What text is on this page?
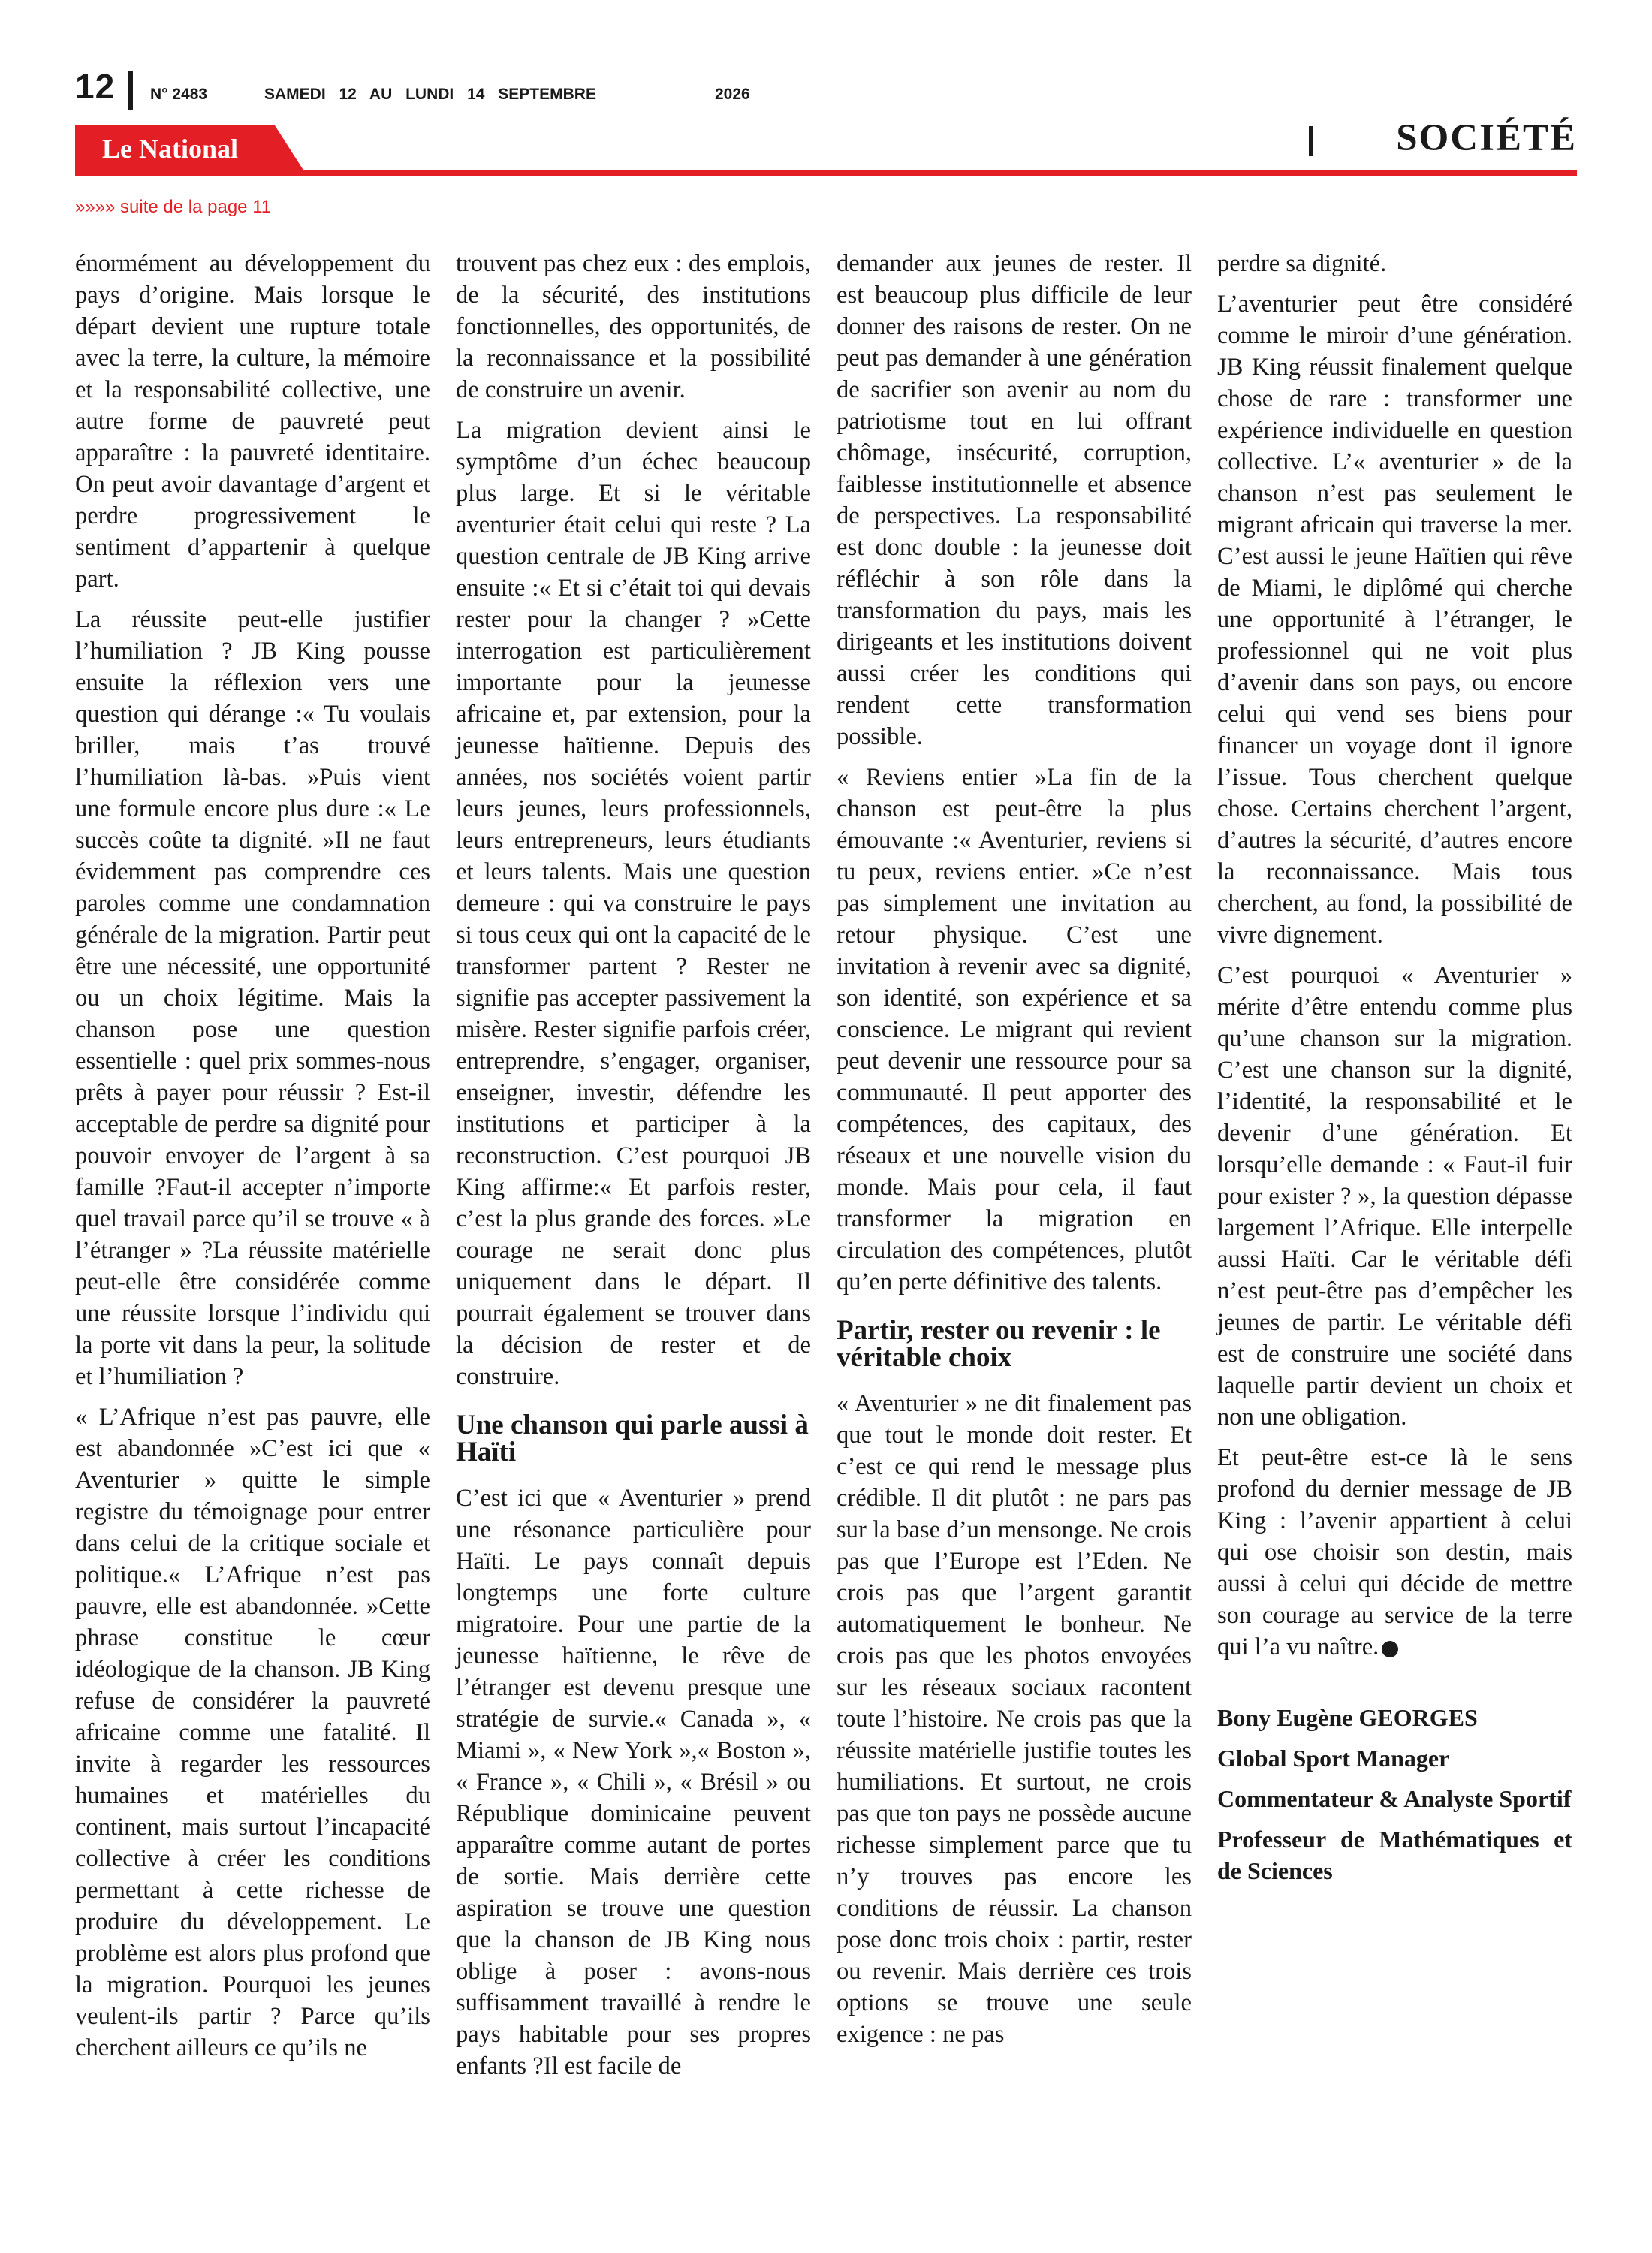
12 N° 2483	SAMEDI 12 AU LUNDI 14 SEPTEMBRE	2026
Le National	SOCIÉTÉ
»»»» suite de la page 11

énormément au développement du pays d’origine. Mais lorsque le départ devient une rupture totale avec la terre, la culture, la mémoire et la responsabilité collective, une autre forme de pauvreté peut apparaître : la pauvreté identitaire. On peut avoir davantage d’argent et perdre progressivement le sentiment d’appartenir à quelque part.

La réussite peut-elle justifier l’humiliation ? JB King pousse ensuite la réflexion vers une question qui dérange :« Tu voulais briller, mais t’as trouvé l’humiliation là-bas. »Puis vient une formule encore plus dure :« Le succès coûte ta dignité. »Il ne faut évidemment pas comprendre ces paroles comme une condamnation générale de la migration. Partir peut être une nécessité, une opportunité ou un choix légitime. Mais la chanson pose une question essentielle : quel prix sommes-nous prêts à payer pour réussir ? Est-il acceptable de perdre sa dignité pour pouvoir envoyer de l’argent à sa famille ?Faut-il accepter n’importe quel travail parce qu’il se trouve « à l’étranger » ?La réussite matérielle peut-elle être considérée comme une réussite lorsque l’individu qui la porte vit dans la peur, la solitude et l’humiliation ?

« L’Afrique n’est pas pauvre, elle est abandonnée »C’est ici que « Aventurier » quitte le simple registre du témoignage pour entrer dans celui de la critique sociale et politique.« L’Afrique n’est pas pauvre, elle est abandonnée. »Cette phrase constitue le cœur idéologique de la chanson. JB King refuse de considérer la pauvreté africaine comme une fatalité. Il invite à regarder les ressources humaines et matérielles du continent, mais surtout l’incapacité collective à créer les conditions permettant à cette richesse de produire du développement. Le problème est alors plus profond que la migration. Pourquoi les jeunes veulent-ils partir ? Parce qu’ils cherchent ailleurs ce qu’ils ne

trouvent pas chez eux : des emplois, de la sécurité, des institutions fonctionnelles, des opportunités, de la reconnaissance et la possibilité de construire un avenir.

La migration devient ainsi le symptôme d’un échec beaucoup plus large. Et si le véritable aventurier était celui qui reste ? La question centrale de JB King arrive ensuite :« Et si c’était toi qui devais rester pour la changer ? »Cette interrogation est particulièrement importante pour la jeunesse africaine et, par extension, pour la jeunesse haïtienne. Depuis des années, nos sociétés voient partir leurs jeunes, leurs professionnels, leurs entrepreneurs, leurs étudiants et leurs talents. Mais une question demeure : qui va construire le pays si tous ceux qui ont la capacité de le transformer partent ? Rester ne signifie pas accepter passivement la misère. Rester signifie parfois créer, entreprendre, s’engager, organiser, enseigner, investir, défendre les institutions et participer à la reconstruction. C’est pourquoi JB King affirme:« Et parfois rester, c’est la plus grande des forces. »Le courage ne serait donc plus uniquement dans le départ. Il pourrait également se trouver dans la décision de rester et de construire.

Une chanson qui parle aussi à Haïti

C’est ici que « Aventurier » prend une résonance particulière pour Haïti. Le pays connaît depuis longtemps une forte culture migratoire. Pour une partie de la jeunesse haïtienne, le rêve de l’étranger est devenu presque une stratégie de survie.« Canada », « Miami », « New York »,« Boston », « France », « Chili », « Brésil » ou République dominicaine peuvent apparaître comme autant de portes de sortie. Mais derrière cette aspiration se trouve une question que la chanson de JB King nous oblige à poser : avons-nous suffisamment travaillé à rendre le pays habitable pour ses propres enfants ?Il est facile de

demander aux jeunes de rester. Il est beaucoup plus difficile de leur donner des raisons de rester. On ne peut pas demander à une génération de sacrifier son avenir au nom du patriotisme tout en lui offrant chômage, insécurité, corruption, faiblesse institutionnelle et absence de perspectives. La responsabilité est donc double : la jeunesse doit réfléchir à son rôle dans la transformation du pays, mais les dirigeants et les institutions doivent aussi créer les conditions qui rendent cette transformation possible.

« Reviens entier »La fin de la chanson est peut-être la plus émouvante :« Aventurier, reviens si tu peux, reviens entier. »Ce n’est pas simplement une invitation au retour physique. C’est une invitation à revenir avec sa dignité, son identité, son expérience et sa conscience. Le migrant qui revient peut devenir une ressource pour sa communauté. Il peut apporter des compétences, des capitaux, des réseaux et une nouvelle vision du monde. Mais pour cela, il faut transformer la migration en circulation des compétences, plutôt qu’en perte définitive des talents.

Partir, rester ou revenir : le véritable choix

« Aventurier » ne dit finalement pas que tout le monde doit rester. Et c’est ce qui rend le message plus crédible. Il dit plutôt : ne pars pas sur la base d’un mensonge. Ne crois pas que l’Europe est l’Eden. Ne crois pas que l’argent garantit automatiquement le bonheur. Ne crois pas que les photos envoyées sur les réseaux sociaux racontent toute l’histoire. Ne crois pas que la réussite matérielle justifie toutes les humiliations. Et surtout, ne crois pas que ton pays ne possède aucune richesse simplement parce que tu n’y trouves pas encore les conditions de réussir. La chanson pose donc trois choix : partir, rester ou revenir. Mais derrière ces trois options se trouve une seule exigence : ne pas

perdre sa dignité.

L’aventurier peut être considéré comme le miroir d’une génération. JB King réussit finalement quelque chose de rare : transformer une expérience individuelle en question collective. L’« aventurier » de la chanson n’est pas seulement le migrant africain qui traverse la mer. C’est aussi le jeune Haïtien qui rêve de Miami, le diplômé qui cherche une opportunité à l’étranger, le professionnel qui ne voit plus d’avenir dans son pays, ou encore celui qui vend ses biens pour financer un voyage dont il ignore l’issue. Tous cherchent quelque chose. Certains cherchent l’argent, d’autres la sécurité, d’autres encore la reconnaissance. Mais tous cherchent, au fond, la possibilité de vivre dignement.

C’est pourquoi « Aventurier » mérite d’être entendu comme plus qu’une chanson sur la migration. C’est une chanson sur la dignité, l’identité, la responsabilité et le devenir d’une génération. Et lorsqu’elle demande : « Faut-il fuir pour exister ? », la question dépasse largement l’Afrique. Elle interpelle aussi Haïti. Car le véritable défi n’est peut-être pas d’empêcher les jeunes de partir. Le véritable défi est de construire une société dans laquelle partir devient un choix et non une obligation.

Et peut-être est-ce là le sens profond du dernier message de JB King : l’avenir appartient à celui qui ose choisir son destin, mais aussi à celui qui décide de mettre son courage au service de la terre qui l’a vu naître.

Bony Eugène GEORGES

Global Sport Manager

Commentateur & Analyste Sportif

Professeur de Mathématiques et de Sciences
